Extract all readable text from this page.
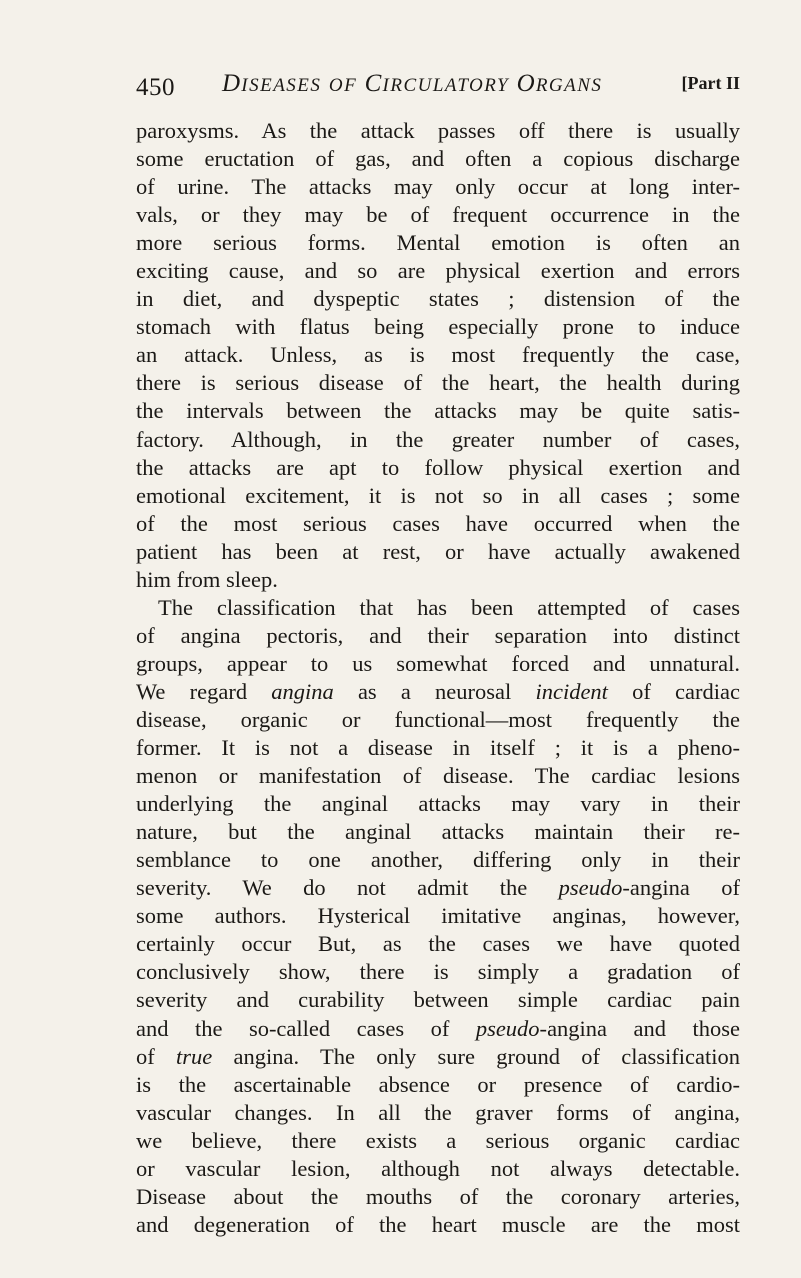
450 DISEASES OF CIRCULATORY ORGANS	[Part II
paroxysms. As the attack passes off there is usually
some eructation of gas, and often a copious discharge
of urine. The attacks may only occur at long inter-
vals, or they may be of frequent occurrence in the
more serious forms. Mental emotion is often an
exciting cause, and so are physical exertion and errors
in diet, and dyspeptic states ; distension of the
stomach with flatus being especially prone to induce
an attack. Unless, as is most frequently the case,
there is serious disease of the heart, the health during
the intervals between the attacks may be quite satis-
factory. Although, in the greater number of cases,
the attacks are apt to follow physical exertion and
emotional excitement, it is not so in all cases ; some
of the most serious cases have occurred when the
patient has been at rest, or have actually awakened
him from sleep.
The classification that has been attempted of cases
of angina pectoris, and their separation into distinct
groups, appear to us somewhat forced and unnatural.
We regard angina as a neurosal incident of cardiac
disease, organic or functional—most frequently the
former. It is not a disease in itself ; it is a pheno-
menon or manifestation of disease. The cardiac lesions
underlying the anginal attacks may vary in their
nature, but the anginal attacks maintain their re-
semblance to one another, differing only in their
severity. We do not admit the pseudo-angina of
some authors. Hysterical imitative anginas, however,
certainly occur But, as the cases we have quoted
conclusively show, there is simply a gradation of
severity and curability between simple cardiac pain
and the so-called cases of pseudo-angina and those
of true angina. The only sure ground of classification
is the ascertainable absence or presence of cardio-
vascular changes. In all the graver forms of angina,
we believe, there exists a serious organic cardiac
or vascular lesion, although not always detectable.
Disease about the mouths of the coronary arteries,
and degeneration of the heart muscle are the most
